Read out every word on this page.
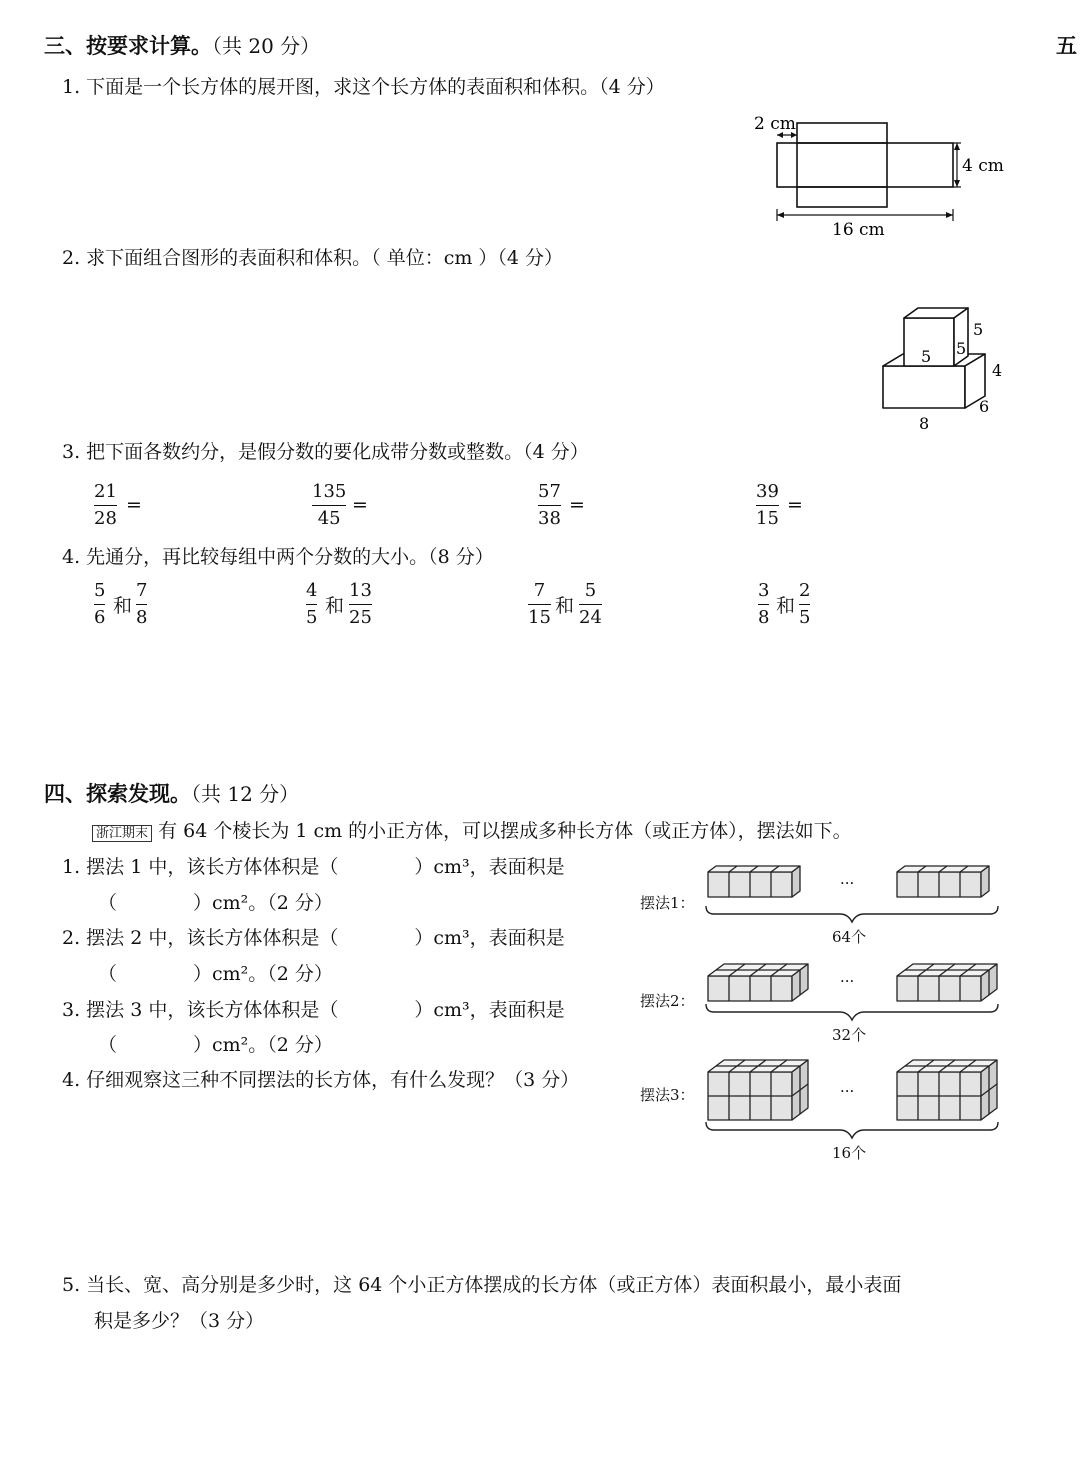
三、按要求计算。（共 20 分）	五
1. 下面是一个长方体的展开图，求这个长方体的表面积和体积。（4 分）
2 cm
4 cm
16 cm
2. 求下面组合图形的表面积和体积。（ 单位：cm ）（4 分）
5
5 5
4
6
8
3. 把下面各数约分，是假分数的要化成带分数或整数。（4 分）
21
28
=
135
45
=
57
38
=
39
15
=
4. 先通分，再比较每组中两个分数的大小。（8 分）
5
6
和
7
8
4
5
和
13
25
7
15
和
5
24
3
8
和
2
5
四、探索发现。（共 12 分）
浙江期末 有 64 个棱长为 1 cm 的小正方体，可以摆成多种长方体（或正方体），摆法如下。
1. 摆法 1 中，该长方体体积是（　　　　）cm³，表面积是
（　　　　）cm²。（2 分）
2. 摆法 2 中，该长方体体积是（　　　　）cm³，表面积是
（　　　　）cm²。（2 分）
3. 摆法 3 中，该长方体体积是（　　　　）cm³，表面积是
（　　　　）cm²。（2 分）
4. 仔细观察这三种不同摆法的长方体，有什么发现？（3 分）
摆法1：
摆法2：
摆法3：
···
···
···
64个
32个
16个
5. 当长、宽、高分别是多少时，这 64 个小正方体摆成的长方体（或正方体）表面积最小，最小表面
积是多少？（3 分）
